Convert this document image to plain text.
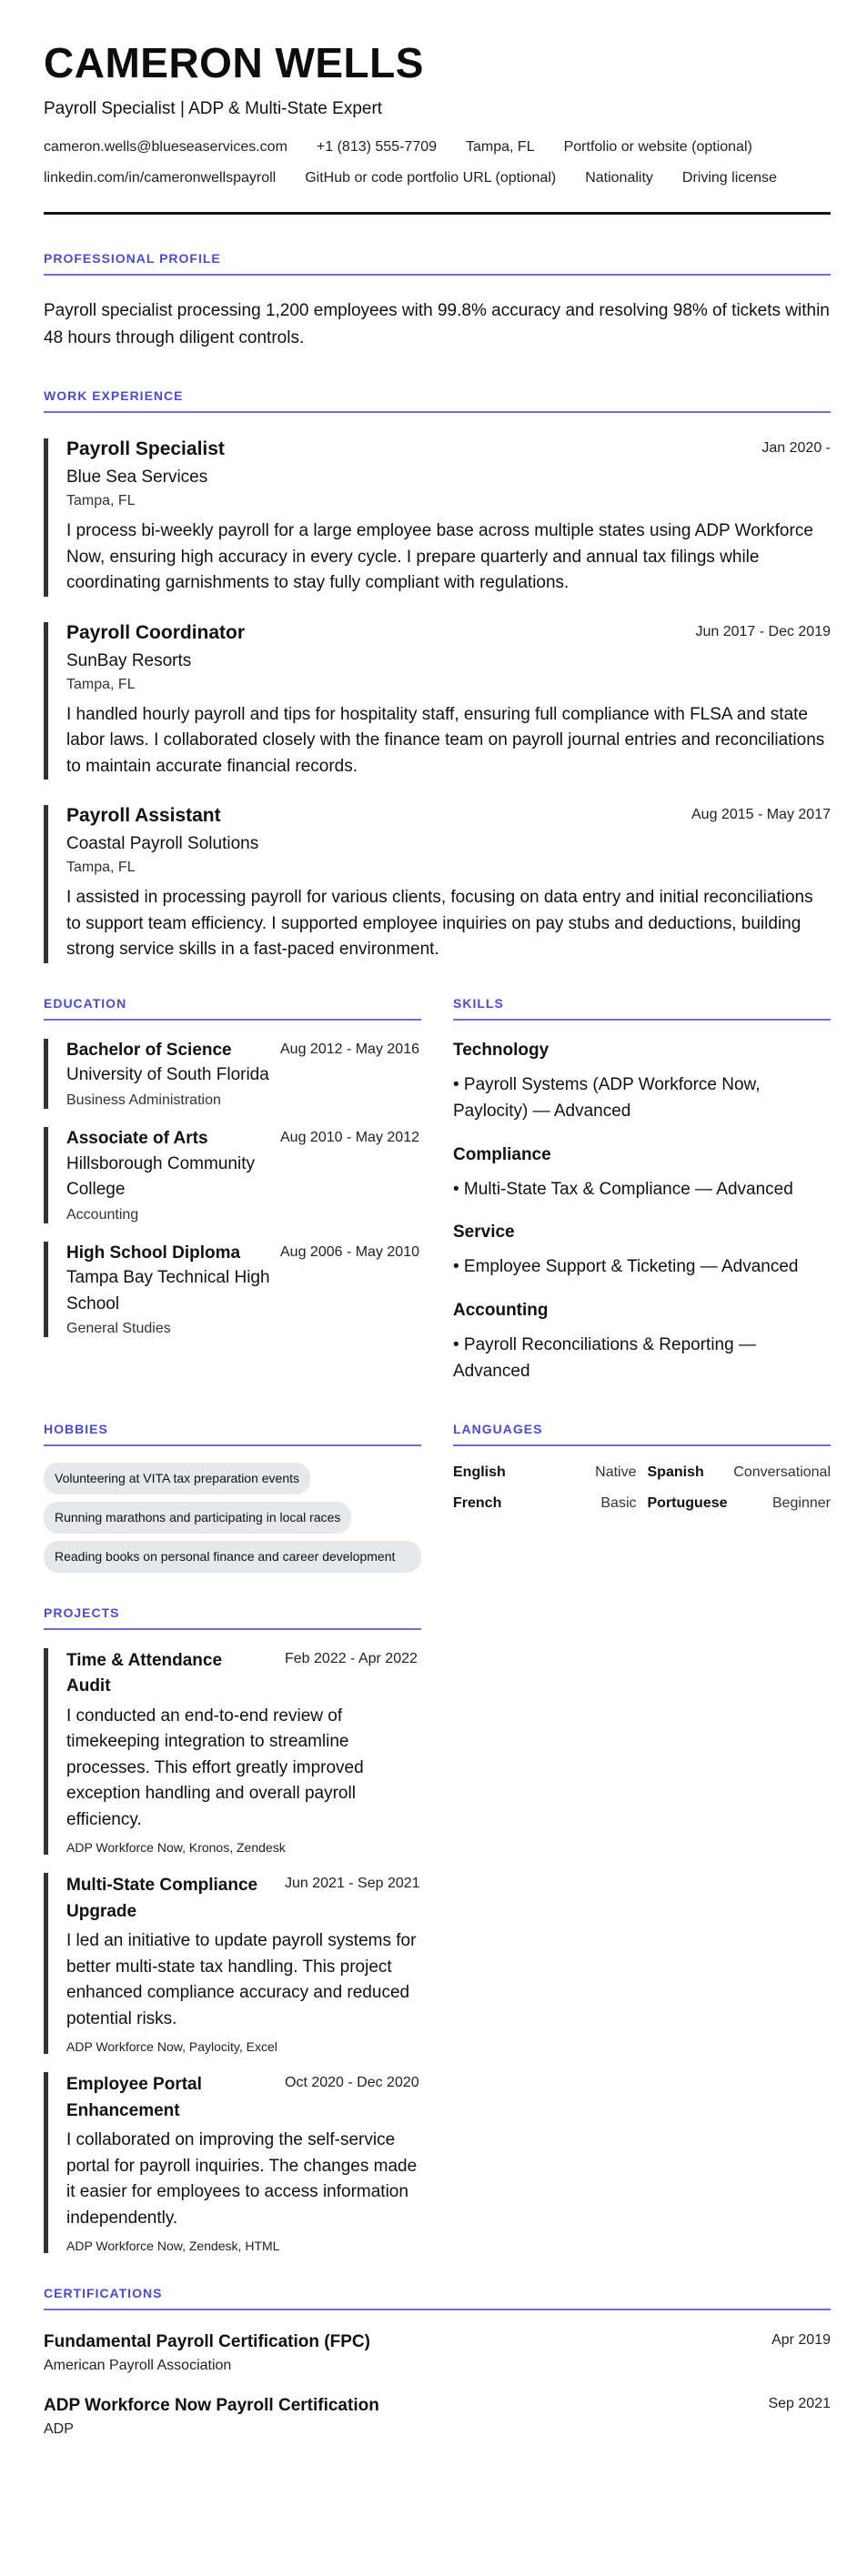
CAMERON WELLS
Payroll Specialist | ADP & Multi-State Expert
cameron.wells@blueseaservices.com +1 (813) 555-7709 Tampa, FL Portfolio or website (optional)
linkedin.com/in/cameronwellspayroll GitHub or code portfolio URL (optional) Nationality Driving license
PROFESSIONAL PROFILE
Payroll specialist processing 1,200 employees with 99.8% accuracy and resolving 98% of tickets within 48 hours through diligent controls.
WORK EXPERIENCE
Payroll Specialist	Jan 2020 -
Blue Sea Services
Tampa, FL
I process bi-weekly payroll for a large employee base across multiple states using ADP Workforce Now, ensuring high accuracy in every cycle. I prepare quarterly and annual tax filings while coordinating garnishments to stay fully compliant with regulations.
Payroll Coordinator	Jun 2017 - Dec 2019
SunBay Resorts
Tampa, FL
I handled hourly payroll and tips for hospitality staff, ensuring full compliance with FLSA and state labor laws. I collaborated closely with the finance team on payroll journal entries and reconciliations to maintain accurate financial records.
Payroll Assistant	Aug 2015 - May 2017
Coastal Payroll Solutions
Tampa, FL
I assisted in processing payroll for various clients, focusing on data entry and initial reconciliations to support team efficiency. I supported employee inquiries on pay stubs and deductions, building strong service skills in a fast-paced environment.
EDUCATION
Bachelor of Science
University of South Florida
Aug 2012 - May 2016
Business Administration
Associate of Arts
Hillsborough Community College
Aug 2010 - May 2012
Accounting
High School Diploma
Tampa Bay Technical High School
Aug 2006 - May 2010
General Studies
SKILLS
Technology
• Payroll Systems (ADP Workforce Now, Paylocity) — Advanced
Compliance
• Multi-State Tax & Compliance — Advanced
Service
• Employee Support & Ticketing — Advanced
Accounting
• Payroll Reconciliations & Reporting — Advanced
HOBBIES
Volunteering at VITA tax preparation events
Running marathons and participating in local races
Reading books on personal finance and career development
LANGUAGES
English	Native Spanish Conversational
French	Basic Portuguese	Beginner
PROJECTS
Time & Attendance Audit
Feb 2022 - Apr 2022
I conducted an end-to-end review of timekeeping integration to streamline processes. This effort greatly improved exception handling and overall payroll efficiency.
ADP Workforce Now, Kronos, Zendesk
Multi-State Compliance Upgrade
Jun 2021 - Sep 2021
I led an initiative to update payroll systems for better multi-state tax handling. This project enhanced compliance accuracy and reduced potential risks.
ADP Workforce Now, Paylocity, Excel
Employee Portal Enhancement
Oct 2020 - Dec 2020
I collaborated on improving the self-service portal for payroll inquiries. The changes made it easier for employees to access information independently.
ADP Workforce Now, Zendesk, HTML
CERTIFICATIONS
Fundamental Payroll Certification (FPC)	Apr 2019
American Payroll Association
ADP Workforce Now Payroll Certification	Sep 2021
ADP
